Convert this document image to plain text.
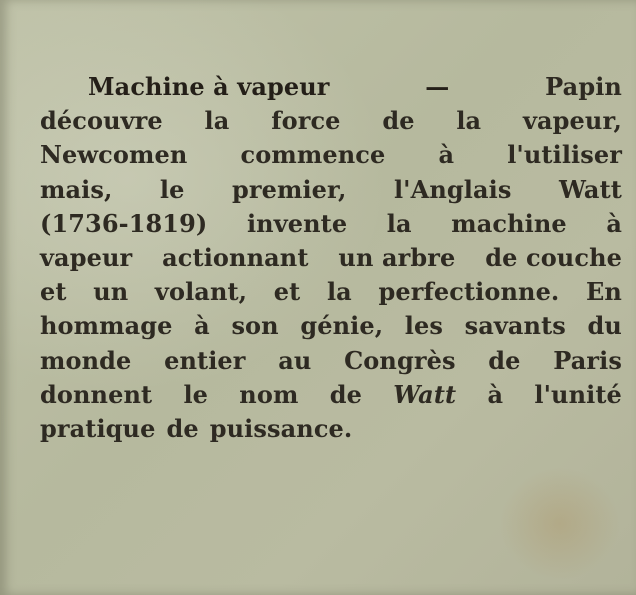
Machine à vapeur	—	Papin
découvre la force de la vapeur,
Newcomen commence à l'utiliser
mais, le premier, l'Anglais Watt
(1736-1819) invente la machine à
vapeur actionnant un arbre de couche
et un volant, et la perfectionne. En
hommage à son génie, les savants du
monde entier au Congrès de Paris
donnent le nom de Watt à l'unité
pratique de puissance.
